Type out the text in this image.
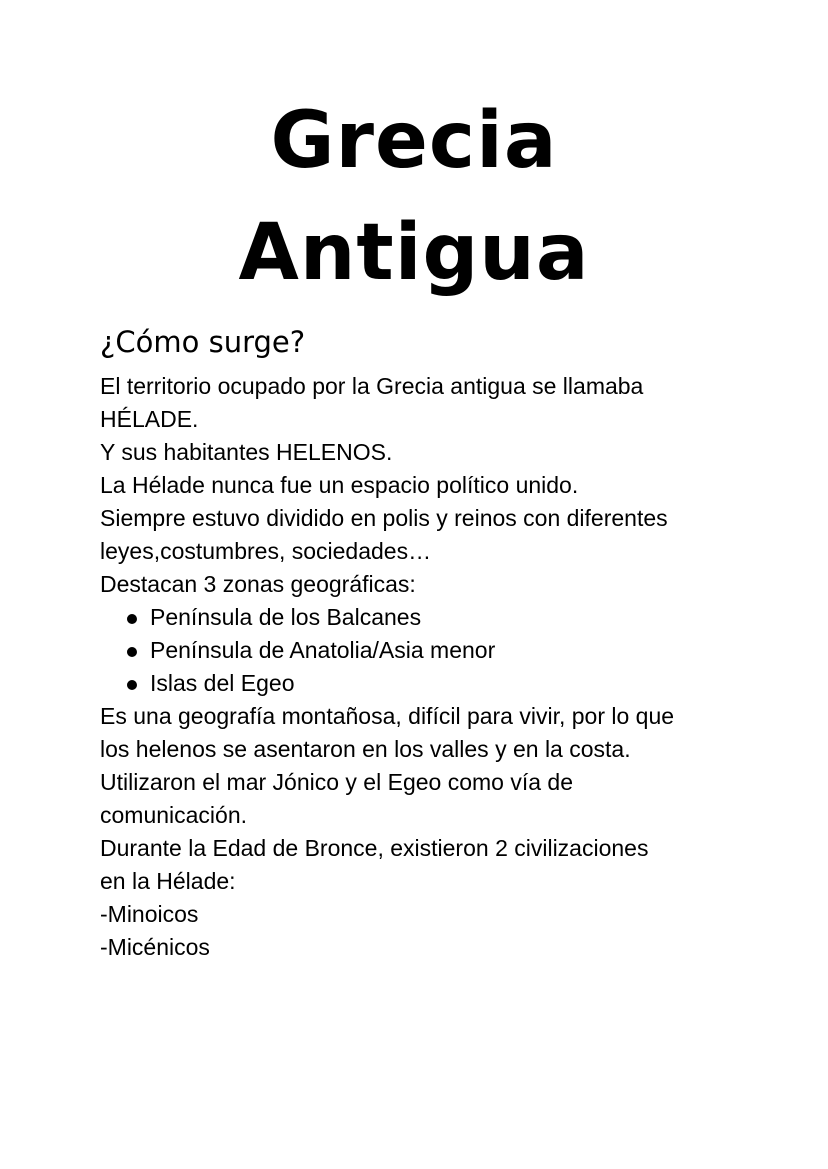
Grecia
Antigua
¿Cómo surge?
El territorio ocupado por la Grecia antigua se llamaba
HÉLADE.
Y sus habitantes HELENOS.
La Hélade nunca fue un espacio político unido.
Siempre estuvo dividido en polis y reinos con diferentes
leyes,costumbres, sociedades…
Destacan 3 zonas geográficas:
Península de los Balcanes
Península de Anatolia/Asia menor
Islas del Egeo
Es una geografía montañosa, difícil para vivir, por lo que
los helenos se asentaron en los valles y en la costa.
Utilizaron el mar Jónico y el Egeo como vía de
comunicación.
Durante la Edad de Bronce, existieron 2 civilizaciones
en la Hélade:
-Minoicos
-Micénicos
